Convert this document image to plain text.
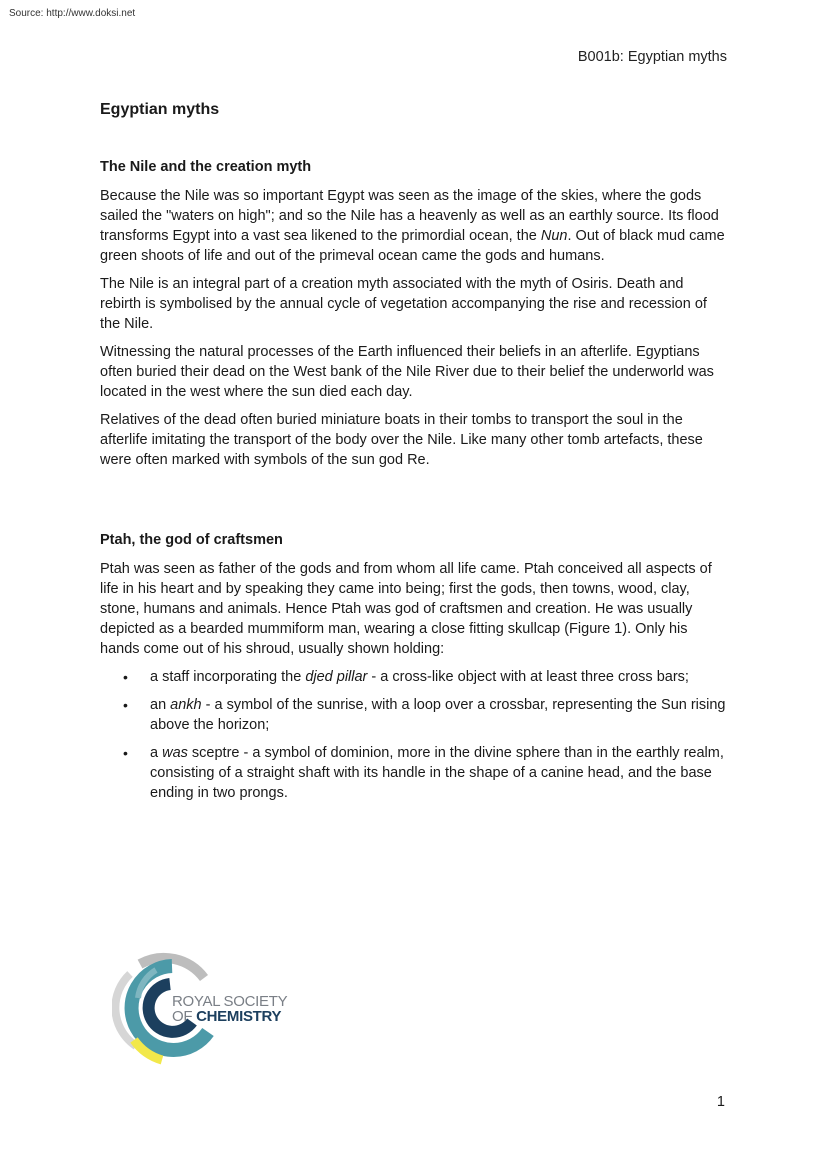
Source: http://www.doksi.net
B001b: Egyptian myths
Egyptian myths
The Nile and the creation myth

Because the Nile was so important Egypt was seen as the image of the skies, where the gods sailed the "waters on high"; and so the Nile has a heavenly as well as an earthly source. Its flood transforms Egypt into a vast sea likened to the primordial ocean, the Nun. Out of black mud came green shoots of life and out of the primeval ocean came the gods and humans.

The Nile is an integral part of a creation myth associated with the myth of Osiris. Death and rebirth is symbolised by the annual cycle of vegetation accompanying the rise and recession of the Nile.

Witnessing the natural processes of the Earth influenced their beliefs in an afterlife. Egyptians often buried their dead on the West bank of the Nile River due to their belief the underworld was located in the west where the sun died each day.

Relatives of the dead often buried miniature boats in their tombs to transport the soul in the afterlife imitating the transport of the body over the Nile. Like many other tomb artefacts, these were often marked with symbols of the sun god Re.

Ptah, the god of craftsmen

Ptah was seen as father of the gods and from whom all life came. Ptah conceived all aspects of life in his heart and by speaking they came into being; first the gods, then towns, wood, clay, stone, humans and animals. Hence Ptah was god of craftsmen and creation. He was usually depicted as a bearded mummiform man, wearing a close fitting skullcap (Figure 1). Only his hands come out of his shroud, usually shown holding:

• a staff incorporating the djed pillar - a cross-like object with at least three cross bars;
• an ankh - a symbol of the sunrise, with a loop over a crossbar, representing the Sun rising above the horizon;
• a was sceptre - a symbol of dominion, more in the divine sphere than in the earthly realm, consisting of a straight shaft with its handle in the shape of a canine head, and the base ending in two prongs.
ROYAL SOCIETY
OF CHEMISTRY
1
